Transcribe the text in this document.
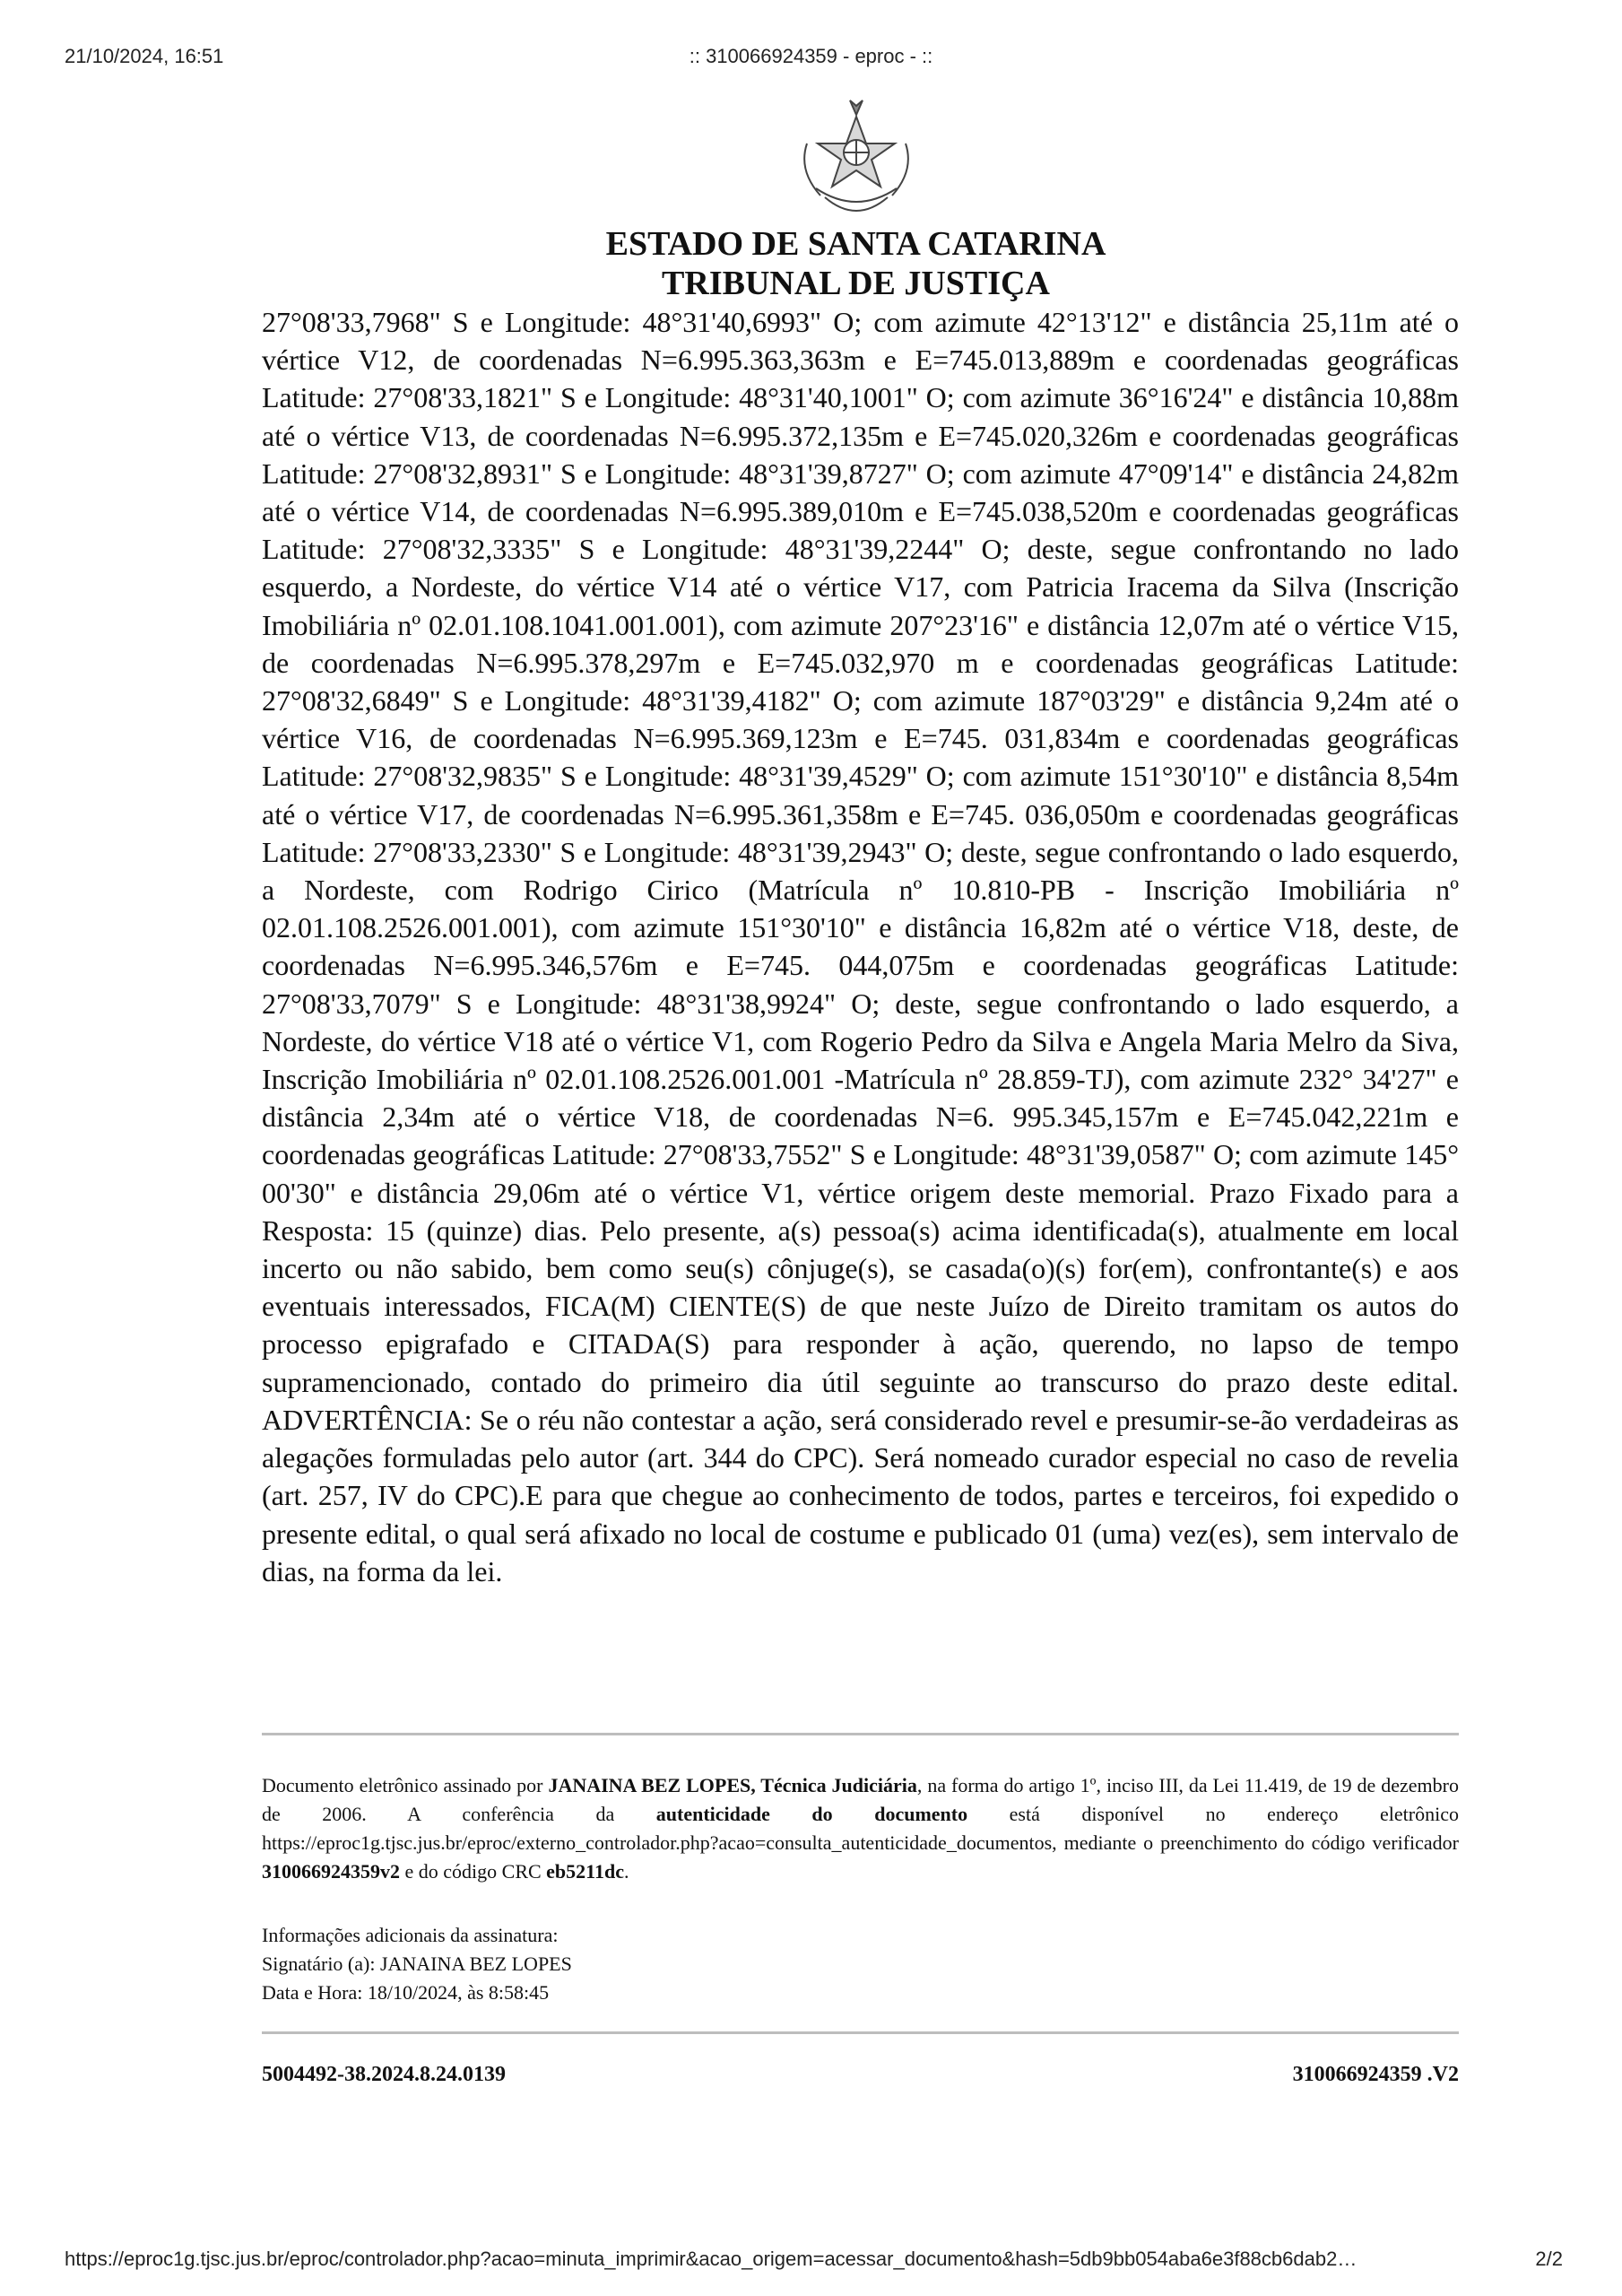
21/10/2024, 16:51	:: 310066924359 - eproc - ::
ESTADO DE SANTA CATARINA
TRIBUNAL DE JUSTIÇA

27°08'33,7968" S e Longitude: 48°31'40,6993" O; com azimute 42°13'12" e distância 25,11m até o vértice V12, de coordenadas N=6.995.363,363m e E=745.013,889m e coordenadas geográficas Latitude: 27°08'33,1821" S e Longitude: 48°31'40,1001" O; com azimute 36°16'24" e distância 10,88m até o vértice V13, de coordenadas N=6.995.372,135m e E=745.020,326m e coordenadas geográficas Latitude: 27°08'32,8931" S e Longitude: 48°31'39,8727" O; com azimute 47°09'14" e distância 24,82m até o vértice V14, de coordenadas N=6.995.389,010m e E=745.038,520m e coordenadas geográficas Latitude: 27°08'32,3335" S e Longitude: 48°31'39,2244" O; deste, segue confrontando no lado esquerdo, a Nordeste, do vértice V14 até o vértice V17, com Patricia Iracema da Silva (Inscrição Imobiliária nº 02.01.108.1041.001.001), com azimute 207°23'16" e distância 12,07m até o vértice V15, de coordenadas N=6.995.378,297m e E=745.032,970 m e coordenadas geográficas Latitude: 27°08'32,6849" S e Longitude: 48°31'39,4182" O; com azimute 187°03'29" e distância 9,24m até o vértice V16, de coordenadas N=6.995.369,123m e E=745. 031,834m e coordenadas geográficas Latitude: 27°08'32,9835" S e Longitude: 48°31'39,4529" O; com azimute 151°30'10" e distância 8,54m até o vértice V17, de coordenadas N=6.995.361,358m e E=745. 036,050m e coordenadas geográficas Latitude: 27°08'33,2330" S e Longitude: 48°31'39,2943" O; deste, segue confrontando o lado esquerdo, a Nordeste, com Rodrigo Cirico (Matrícula nº 10.810-PB - Inscrição Imobiliária nº 02.01.108.2526.001.001), com azimute 151°30'10" e distância 16,82m até o vértice V18, deste, de coordenadas N=6.995.346,576m e E=745. 044,075m e coordenadas geográficas Latitude: 27°08'33,7079" S e Longitude: 48°31'38,9924" O; deste, segue confrontando o lado esquerdo, a Nordeste, do vértice V18 até o vértice V1, com Rogerio Pedro da Silva e Angela Maria Melro da Siva, Inscrição Imobiliária nº 02.01.108.2526.001.001 -Matrícula nº 28.859-TJ), com azimute 232° 34'27" e distância 2,34m até o vértice V18, de coordenadas N=6. 995.345,157m e E=745.042,221m e coordenadas geográficas Latitude: 27°08'33,7552" S e Longitude: 48°31'39,0587" O; com azimute 145° 00'30" e distância 29,06m até o vértice V1, vértice origem deste memorial. Prazo Fixado para a Resposta: 15 (quinze) dias. Pelo presente, a(s) pessoa(s) acima identificada(s), atualmente em local incerto ou não sabido, bem como seu(s) cônjuge(s), se casada(o)(s) for(em), confrontante(s) e aos eventuais interessados, FICA(M) CIENTE(S) de que neste Juízo de Direito tramitam os autos do processo epigrafado e CITADA(S) para responder à ação, querendo, no lapso de tempo supramencionado, contado do primeiro dia útil seguinte ao transcurso do prazo deste edital. ADVERTÊNCIA: Se o réu não contestar a ação, será considerado revel e presumir-se-ão verdadeiras as alegações formuladas pelo autor (art. 344 do CPC). Será nomeado curador especial no caso de revelia (art. 257, IV do CPC).E para que chegue ao conhecimento de todos, partes e terceiros, foi expedido o presente edital, o qual será afixado no local de costume e publicado 01 (uma) vez(es), sem intervalo de dias, na forma da lei.

Documento eletrônico assinado por JANAINA BEZ LOPES, Técnica Judiciária, na forma do artigo 1º, inciso III, da Lei 11.419, de 19 de dezembro de 2006. A conferência da autenticidade do documento está disponível no endereço eletrônico https://eproc1g.tjsc.jus.br/eproc/externo_controlador.php?acao=consulta_autenticidade_documentos, mediante o preenchimento do código verificador 310066924359v2 e do código CRC eb5211dc.

Informações adicionais da assinatura:
Signatário (a): JANAINA BEZ LOPES
Data e Hora: 18/10/2024, às 8:58:45
5004492-38.2024.8.24.0139	310066924359 .V2
https://eproc1g.tjsc.jus.br/eproc/controlador.php?acao=minuta_imprimir&acao_origem=acessar_documento&hash=5db9bb054aba6e3f88cb6dab2…	2/2
